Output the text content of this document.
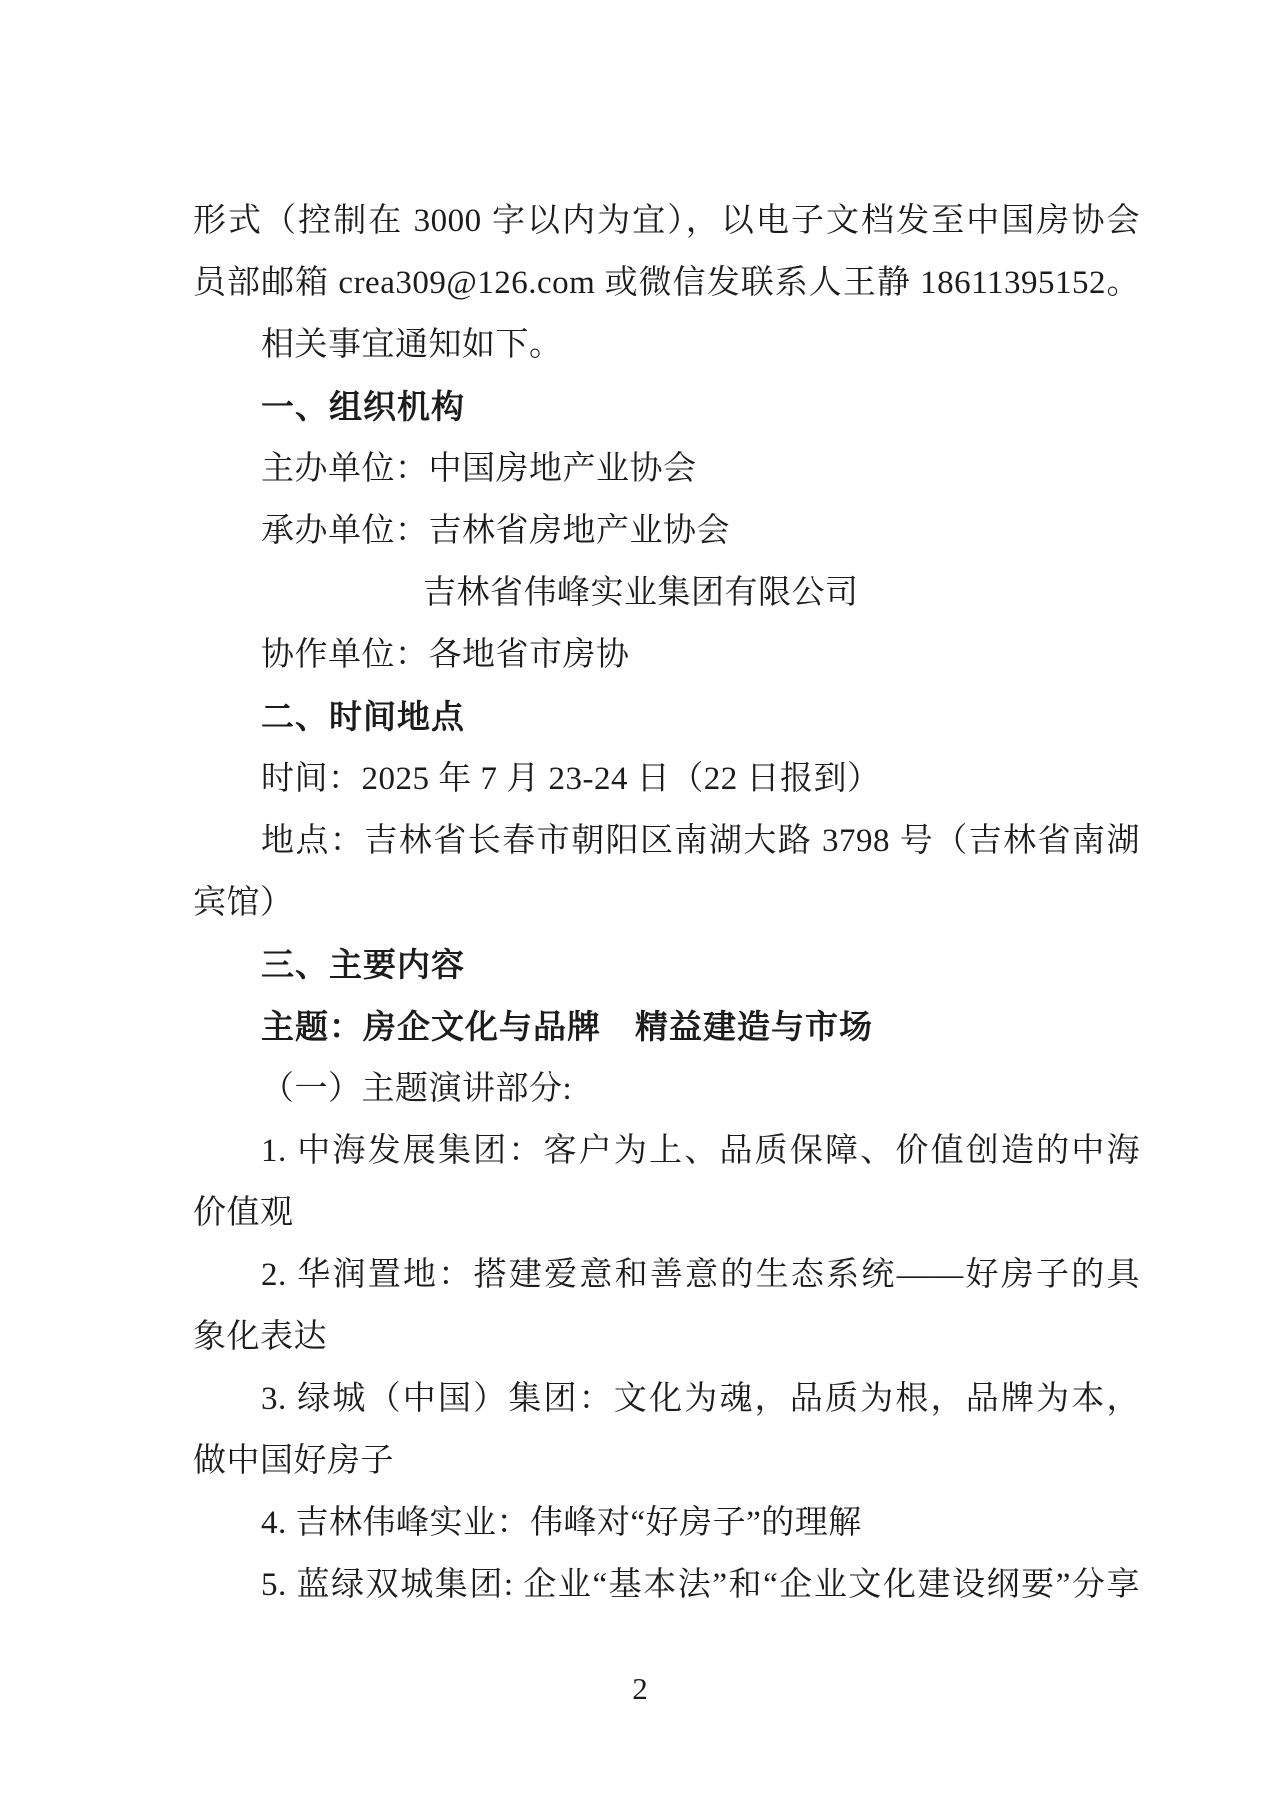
形式（控制在 3000 字以内为宜），以电子文档发至中国房协会
员部邮箱 crea309@126.com 或微信发联系人王静 18611395152。
相关事宜通知如下。
一、组织机构
主办单位：中国房地产业协会
承办单位：吉林省房地产业协会
吉林省伟峰实业集团有限公司
协作单位：各地省市房协
二、时间地点
时间：2025 年 7 月 23-24 日（22 日报到）
地点：吉林省长春市朝阳区南湖大路 3798 号（吉林省南湖
宾馆）
三、主要内容
主题：房企文化与品牌　精益建造与市场
（一）主题演讲部分:
1. 中海发展集团：客户为上、品质保障、价值创造的中海
价值观
2. 华润置地：搭建爱意和善意的生态系统——好房子的具
象化表达
3. 绿城（中国）集团：文化为魂，品质为根，品牌为本，
做中国好房子
4. 吉林伟峰实业：伟峰对“好房子”的理解
5. 蓝绿双城集团: 企业“基本法”和“企业文化建设纲要”分享
2
